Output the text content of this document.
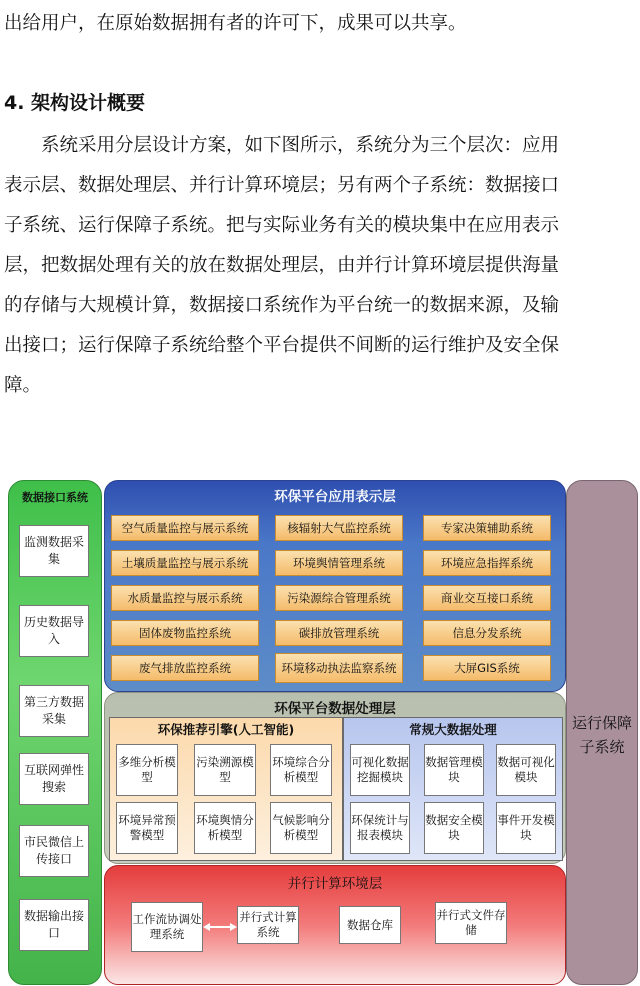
出给用户，在原始数据拥有者的许可下，成果可以共享。

4. 架构设计概要

　　系统采用分层设计方案，如下图所示，系统分为三个层次：应用

表示层、数据处理层、并行计算环境层；另有两个子系统：数据接口

子系统、运行保障子系统。把与实际业务有关的模块集中在应用表示

层，把数据处理有关的放在数据处理层，由并行计算环境层提供海量

的存储与大规模计算，数据接口系统作为平台统一的数据来源，及输

出接口；运行保障子系统给整个平台提供不间断的运行维护及安全保

障。

数据接口系统
监测数据采集
历史数据导入
第三方数据采集
互联网弹性搜索
市民微信上传接口
数据输出接口
环保平台应用表示层
空气质量监控与展示系统	核辐射大气监控系统	专家决策辅助系统
土壤质量监控与展示系统	环境舆情管理系统	环境应急指挥系统
水质量监控与展示系统	污染源综合管理系统	商业交互接口系统
固体废物监控系统	碳排放管理系统	信息分发系统
废气排放监控系统	环境移动执法监察系统	大屏GIS系统
环保平台数据处理层
环保推荐引擎(人工智能)
多维分析模型
污染溯源模型
环境综合分析模型
环境异常预警模型
环境舆情分析模型
气候影响分析模型
常规大数据处理
可视化数据挖掘模块
数据管理模块
数据可视化模块
环保统计与报表模块
数据安全模块
事件开发模块
并行计算环境层
工作流协调处理系统
并行式计算系统
数据仓库
并行式文件存储
运行保障子系统
